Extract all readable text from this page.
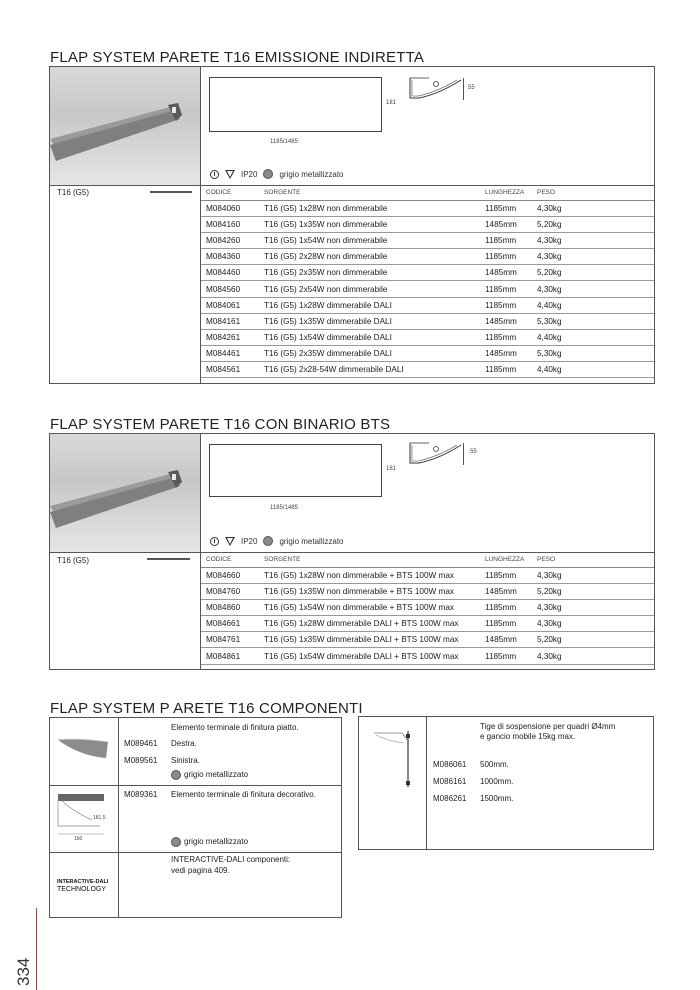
FLAP SYSTEM PARETE T16 EMISSIONE INDIRETTA
1185/1485
181
55
IP20	grigio metallizzato
T16 (G5)	CODICE	SORGENTE	LUNGHEZZA	PESO
M084060	T16 (G5) 1x28W non dimmerabile	1185mm	4,30kg
M084160	T16 (G5) 1x35W non dimmerabile	1485mm	5,20kg
M084260	T16 (G5) 1x54W non dimmerabile	1185mm	4,30kg
M084360	T16 (G5) 2x28W non dimmerabile	1185mm	4,30kg
M084460	T16 (G5) 2x35W non dimmerabile	1485mm	5,20kg
M084560	T16 (G5) 2x54W non dimmerabile	1185mm	4,30kg
M084061	T16 (G5) 1x28W dimmerabile DALI	1185mm	4,40kg
M084161	T16 (G5) 1x35W dimmerabile DALI	1485mm	5,30kg
M084261	T16 (G5) 1x54W dimmerabile DALI	1185mm	4,40kg
M084461	T16 (G5) 2x35W dimmerabile DALI	1485mm	5,30kg
M084561	T16 (G5) 2x28-54W dimmerabile DALI	1185mm	4,40kg
FLAP SYSTEM PARETE T16 CON BINARIO BTS
1185/1485
181
55
IP20	grigio metallizzato
T16 (G5)	CODICE	SORGENTE	LUNGHEZZA	PESO
M084660	T16 (G5) 1x28W non dimmerabile + BTS 100W max	1185mm	4,30kg
M084760	T16 (G5) 1x35W non dimmerabile + BTS 100W max	1485mm	5,20kg
M084860	T16 (G5) 1x54W non dimmerabile + BTS 100W max	1185mm	4,30kg
M084661	T16 (G5) 1x28W dimmerabile DALI + BTS 100W max	1185mm	4,30kg
M084761	T16 (G5) 1x35W dimmerabile DALI + BTS 100W max	1485mm	5,20kg
M084861	T16 (G5) 1x54W dimmerabile DALI + BTS 100W max	1185mm	4,30kg
FLAP SYSTEM P ARETE T16 COMPONENTI
Elemento terminale di finitura piatto.
M089461 Destra.
M089561 Sinistra.
grigio metallizzato
181.5
160
M089361 Elemento terminale di finitura decorativo.
grigio metallizzato
INTERACTIVE-DALI
TECHNOLOGY
INTERACTIVE-DALI componenti:
vedi pagina 409.
Tige di sospensione per quadri Ø4mm
e gancio mobile 15kg max.
M086061 500mm.
M086161 1000mm.
M086261 1500mm.
334
